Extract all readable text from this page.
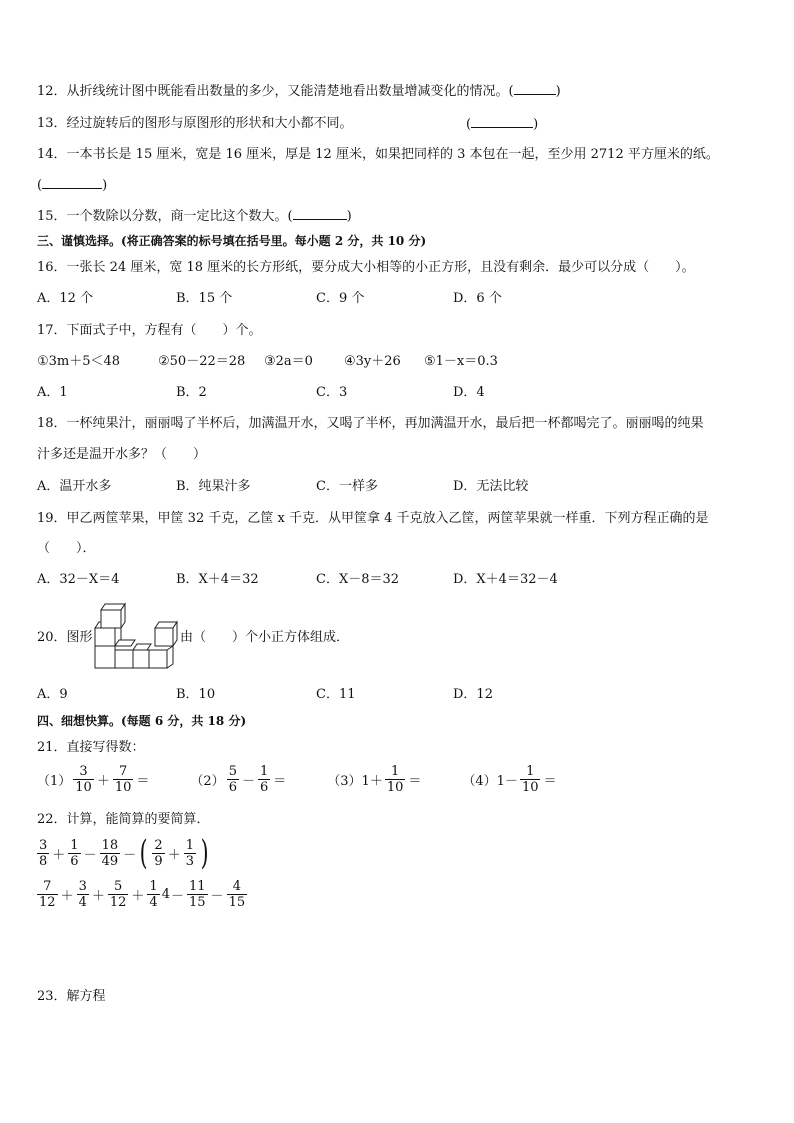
12．从折线统计图中既能看出数量的多少，又能清楚地看出数量增减变化的情况。(	)
13．经过旋转后的图形与原图形的形状和大小都不同。	(	)
14．一本书长是 15 厘米，宽是 16 厘米，厚是 12 厘米，如果把同样的 3 本包在一起，至少用 2712 平方厘米的纸。
(	)
15．一个数除以分数，商一定比这个数大。(	)
三、谨慎选择。(将正确答案的标号填在括号里。每小题 2 分，共 10 分)
16．一张长 24 厘米，宽 18 厘米的长方形纸，要分成大小相等的小正方形，且没有剩余．最少可以分成（　　）。
A．12 个	B．15 个	C．9 个	D．6 个
17．下面式子中，方程有（　　）个。
①3m＋5＜48	②50－22＝28 ③2a＝0 ④3y＋26 ⑤1－x＝0.3
A．1	B．2	C．3	D．4
18．一杯纯果汁，丽丽喝了半杯后，加满温开水，又喝了半杯，再加满温开水，最后把一杯都喝完了。丽丽喝的纯果
汁多还是温开水多？（　　）
A．温开水多	B．纯果汁多	C．一样多	D．无法比较
19．甲乙两筐苹果，甲筐 32 千克，乙筐 x 千克．从甲筐拿 4 千克放入乙筐，两筐苹果就一样重．下列方程正确的是
（　　）．
A．32－X＝4	B．X＋4＝32	C．X－8＝32	D．X＋4＝32－4
20．图形	由（　　）个小正方体组成．
A．9	B．10	C．11	D．12
四、细想快算。(每题 6 分，共 18 分)
21．直接写得数：
$(1) \frac{3}{10} + \frac{7}{10}$ ＝	$(2) \frac{5}{6} - \frac{1}{6}$ ＝	$(3)1+ \frac{1}{10}$ ＝	$(4)1- \frac{1}{10}$ ＝
22．计算，能简算的要简算．
$\frac{3}{8} + \frac{1}{6} - \frac{18}{49}$ － ( $\frac{2}{9} + \frac{1}{3}$ )
$\frac{7}{12} + \frac{3}{4} + \frac{5}{12} + \frac{1}{4} 4 - \frac{11}{15} - \frac{4}{15}$
23．解方程
